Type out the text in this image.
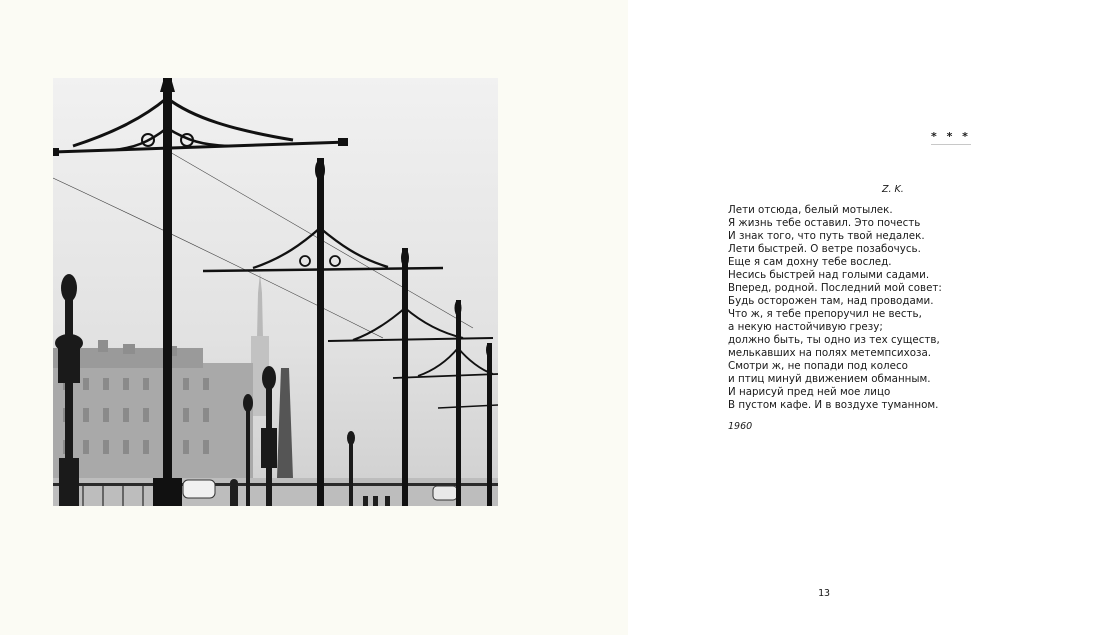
* * *
Z. K.
Лети отсюда, белый мотылек.
Я жизнь тебе оставил. Это почесть
И знак того, что путь твой недалек.
Лети быстрей. О ветре позабочусь.
Еще я сам дохну тебе вослед.
Несись быстрей над голыми садами.
Вперед, родной. Последний мой совет:
Будь осторожен там, над проводами.
Что ж, я тебе препоручил не весть,
а некую настойчивую грезу;
должно быть, ты одно из тех существ,
мелькавших на полях метемпсихоза.
Смотри ж, не попади под колесо
и птиц минуй движением обманным.
И нарисуй пред ней мое лицо
В пустом кафе. И в воздухе туманном.
1960
13
